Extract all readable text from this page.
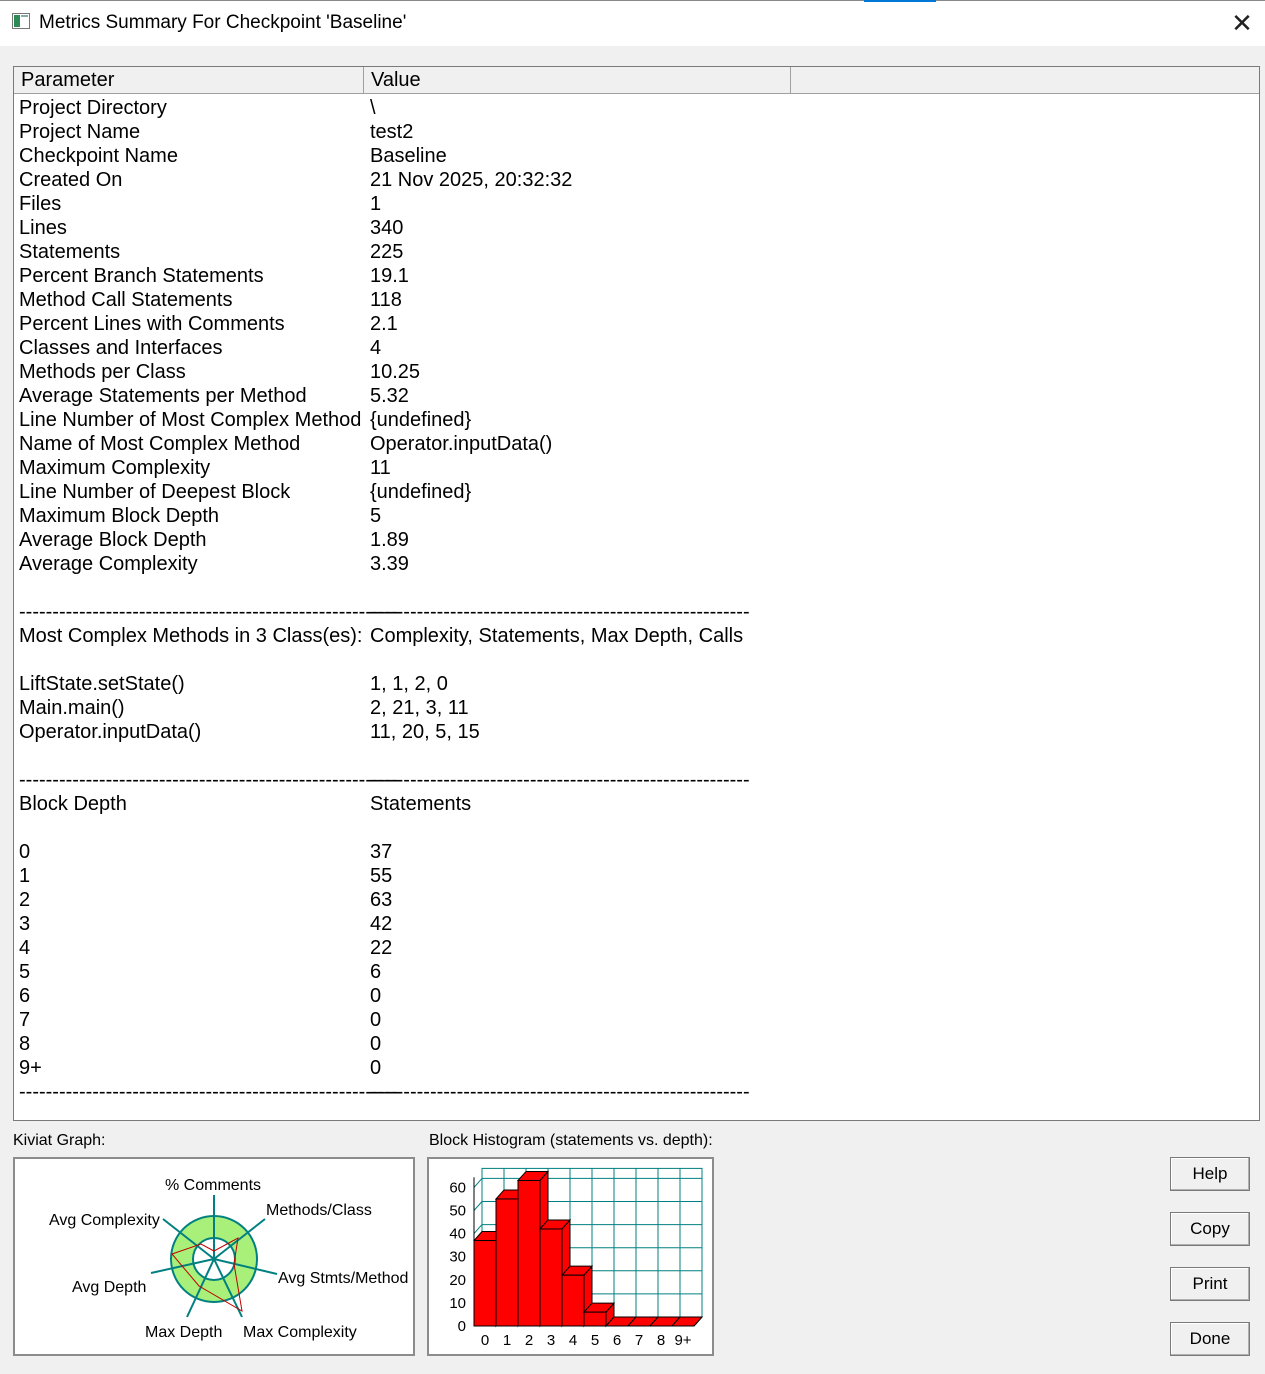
Metrics Summary For Checkpoint 'Baseline'	✕
Parameter	Value
Project Directory	\
Project Name	test2
Checkpoint Name	Baseline
Created On	21 Nov 2025, 20:32:32
Files	1
Lines	340
Statements	225
Percent Branch Statements	19.1
Method Call Statements	118
Percent Lines with Comments	2.1
Classes and Interfaces	4
Methods per Class	10.25
Average Statements per Method	5.32
Line Number of Most Complex Method {undefined}
Name of Most Complex Method	Operator.inputData()
Maximum Complexity	11
Line Number of Deepest Block	{undefined}
Maximum Block Depth	5
Average Block Depth	1.89
Average Complexity	3.39
---------------------------------------------------------
---------------------------------------------------------
Most Complex Methods in 3 Class(es): Complexity, Statements, Max Depth, Calls
LiftState.setState()	1, 1, 2, 0
Main.main()	2, 21, 3, 11
Operator.inputData()	11, 20, 5, 15
---------------------------------------------------------
---------------------------------------------------------
Block Depth	Statements
0	37
1	55
2	63
3	42
4	22
5	6
6	0
7	0
8	0
9+	0
---------------------------------------------------------
---------------------------------------------------------
Kiviat Graph:	Block Histogram (statements vs. depth):
% Comments
Methods/Class
Avg Stmts/Method
Max Complexity
Max Depth
Avg Depth
Avg Complexity
0
10
20
30
40
50
60
0 1 2 3 4 5 6 7 8 9+
Help
Copy
Print
Done
